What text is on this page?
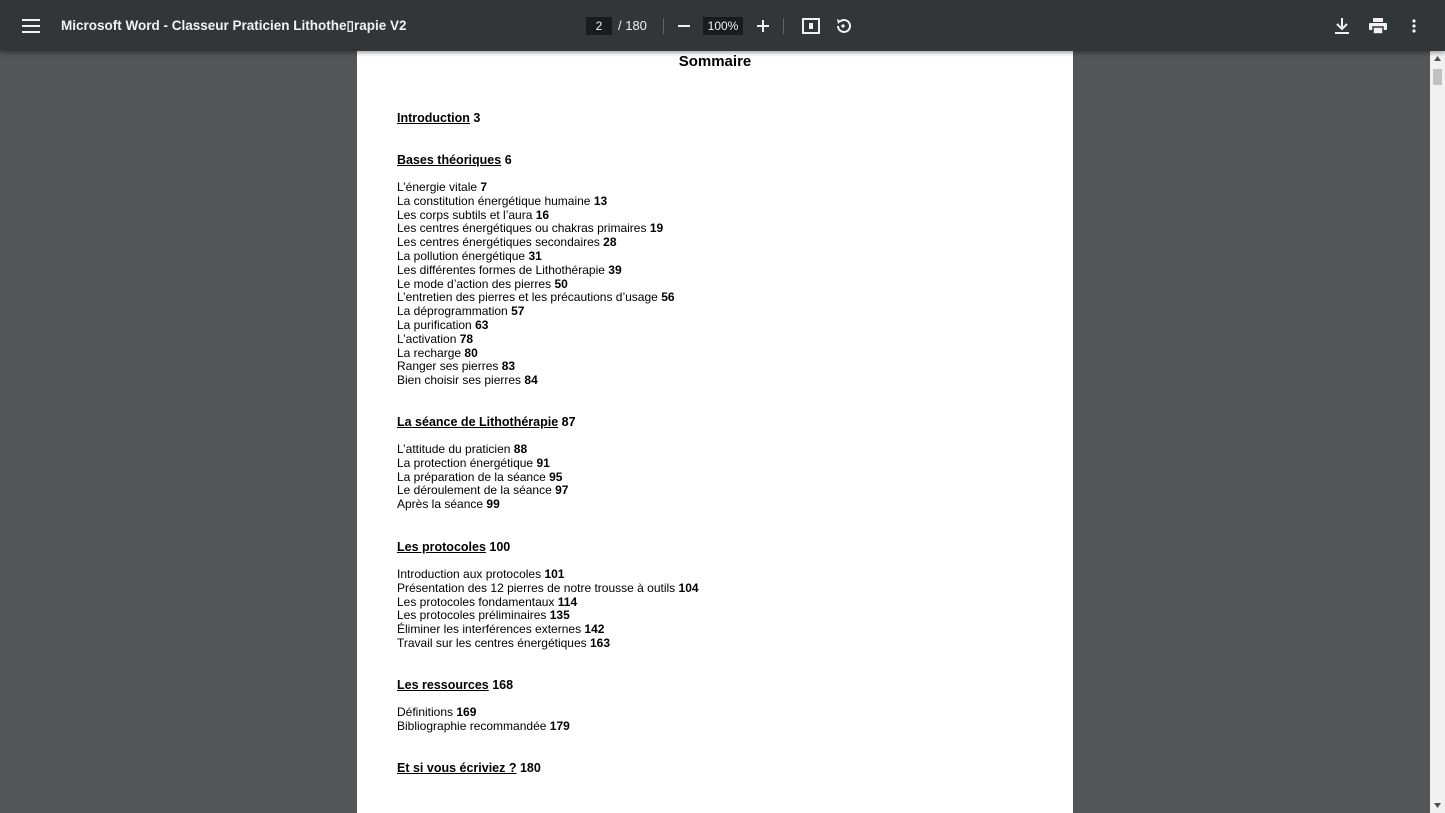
Microsoft Word - Classeur Praticien Lithothe▯rapie V2
2	/ 180
100%
Sommaire
Introduction 3
Bases théoriques 6
L’énergie vitale 7
La constitution énergétique humaine 13
Les corps subtils et l’aura 16
Les centres énergétiques ou chakras primaires 19
Les centres énergétiques secondaires 28
La pollution énergétique 31
Les différentes formes de Lithothérapie 39
Le mode d’action des pierres 50
L’entretien des pierres et les précautions d’usage 56
La déprogrammation 57
La purification 63
L’activation 78
La recharge 80
Ranger ses pierres 83
Bien choisir ses pierres 84
La séance de Lithothérapie 87
L’attitude du praticien 88
La protection énergétique 91
La préparation de la séance 95
Le déroulement de la séance 97
Après la séance 99
Les protocoles 100
Introduction aux protocoles 101
Présentation des 12 pierres de notre trousse à outils 104
Les protocoles fondamentaux 114
Les protocoles préliminaires 135
Éliminer les interférences externes 142
Travail sur les centres énergétiques 163
Les ressources 168
Définitions 169
Bibliographie recommandée 179
Et si vous écriviez ? 180
